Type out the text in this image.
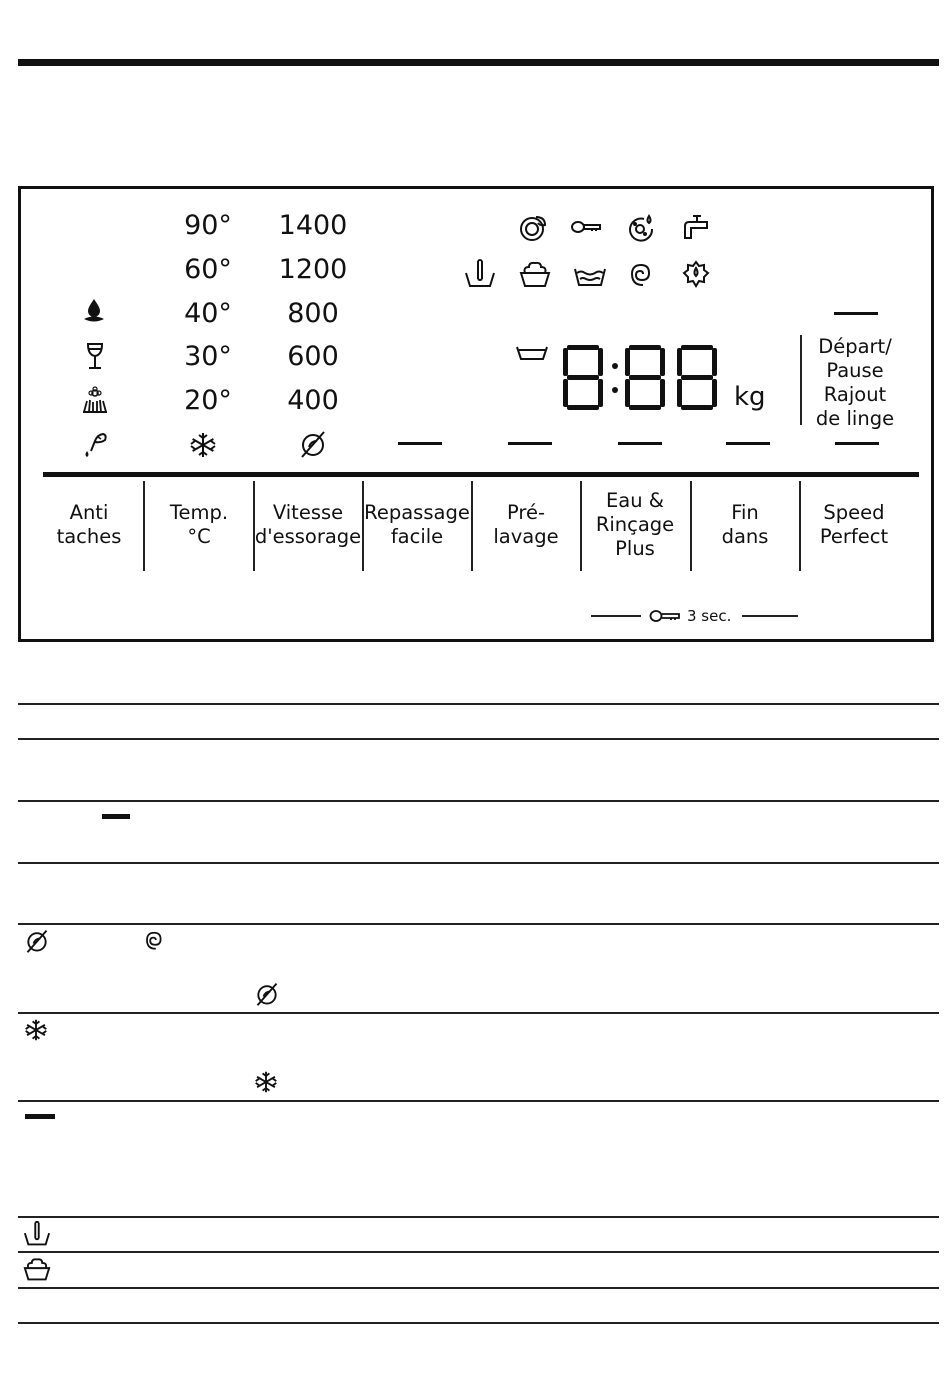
90°
60°
40°
30°
20°
1400
1200
800
600
400	kg
Départ/
Pause
Rajout
de linge
Anti
taches
Temp.
°C
Vitesse
d'essorage
Repassage
facile
Pré-
lavage
Eau &
Rinçage
Plus
Fin
dans
Speed
Perfect
3 sec.
